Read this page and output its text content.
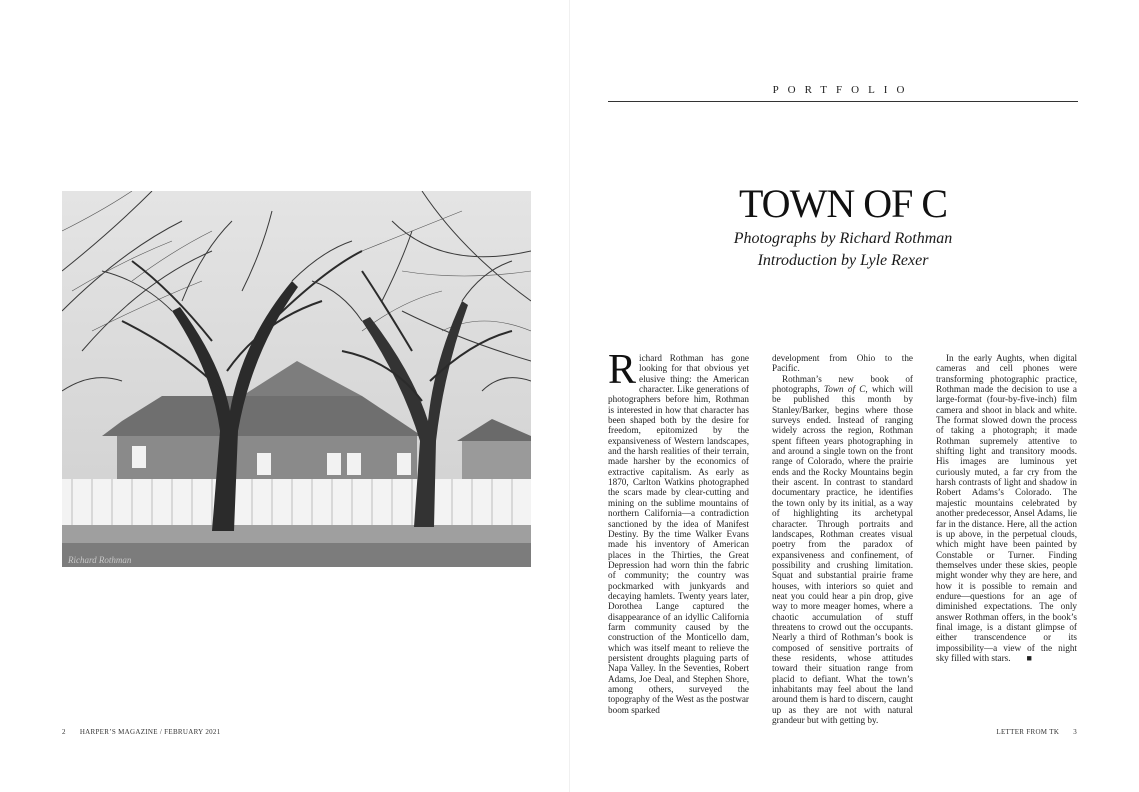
PORTFOLIO
Richard Rothman
TOWN OF C
Photographs by Richard Rothman
Introduction by Lyle Rexer

Richard Rothman has gone looking for that obvious yet elusive thing: the American character. Like generations of photographers before him, Rothman is interested in how that character has been shaped both by the desire for freedom, epitomized by the expansiveness of Western landscapes, and the harsh realities of their terrain, made harsher by the economics of extractive capitalism. As early as 1870, Carlton Watkins photographed the scars made by clear-cutting and mining on the sublime mountains of northern California—a contradiction sanctioned by the idea of Manifest Destiny. By the time Walker Evans made his inventory of American places in the Thirties, the Great Depression had worn thin the fabric of community; the country was pockmarked with junkyards and decaying hamlets. Twenty years later, Dorothea Lange captured the disappearance of an idyllic California farm community caused by the construction of the Monticello dam, which was itself meant to relieve the persistent droughts plaguing parts of Napa Valley. In the Seventies, Robert Adams, Joe Deal, and Stephen Shore, among others, surveyed the topography of the West as the postwar boom sparked

development from Ohio to the Pacific.

Rothman’s new book of photographs, Town of C, which will be published this month by Stanley/Barker, begins where those surveys ended. Instead of ranging widely across the region, Rothman spent fifteen years photographing in and around a single town on the front range of Colorado, where the prairie ends and the Rocky Mountains begin their ascent. In contrast to standard documentary practice, he identifies the town only by its initial, as a way of highlighting its archetypal character. Through portraits and landscapes, Rothman creates visual poetry from the paradox of expansiveness and confinement, of possibility and crushing limitation. Squat and substantial prairie frame houses, with interiors so quiet and neat you could hear a pin drop, give way to more meager homes, where a chaotic accumulation of stuff threatens to crowd out the occupants. Nearly a third of Rothman’s book is composed of sensitive portraits of these residents, whose attitudes toward their situation range from placid to defiant. What the town’s inhabitants may feel about the land around them is hard to discern, caught up as they are not with natural grandeur but with getting by.

In the early Aughts, when digital cameras and cell phones were transforming photographic practice, Rothman made the decision to use a large-format (four-by-five-inch) film camera and shoot in black and white. The format slowed down the process of taking a photograph; it made Rothman supremely attentive to shifting light and transitory moods. His images are luminous yet curiously muted, a far cry from the harsh contrasts of light and shadow in Robert Adams’s Colorado. The majestic mountains celebrated by another predecessor, Ansel Adams, lie far in the distance. Here, all the action is up above, in the perpetual clouds, which might have been painted by Constable or Turner. Finding themselves under these skies, people might wonder why they are here, and how it is possible to remain and endure—questions for an age of diminished expectations. The only answer Rothman offers, in the book’s final image, is a distant glimpse of either transcendence or its impossibility—a view of the night sky filled with stars. ■

2 HARPER’S MAGAZINE / FEBRUARY 2021	LETTER FROM TK 3
